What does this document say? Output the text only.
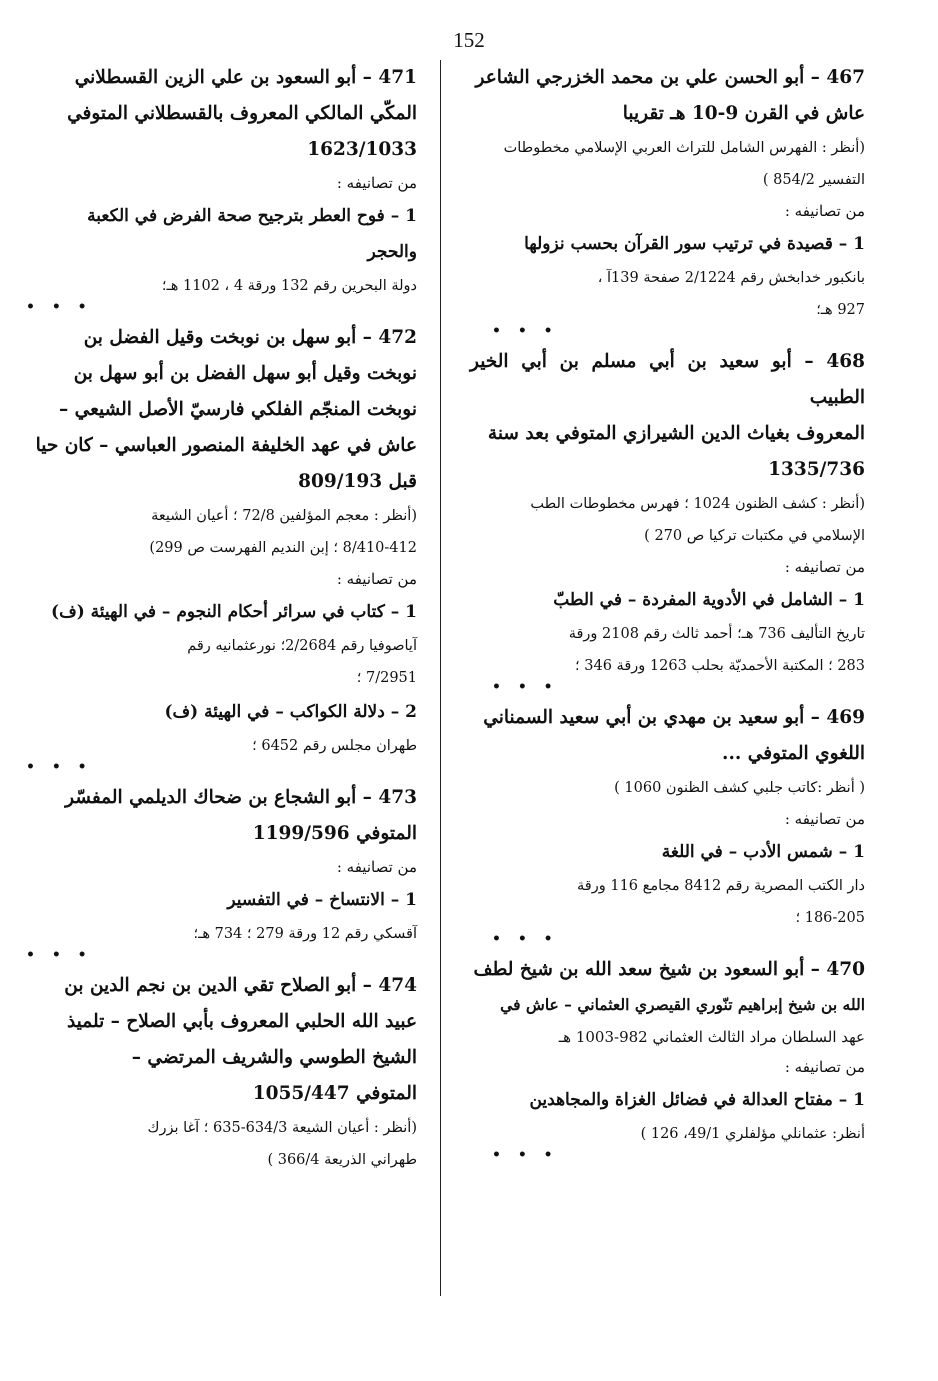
152

467 – أبو الحسن علي بن محمد الخزرجي الشاعر

عاش في القرن 9-10 هـ تقريبا

(أنظر : الفهرس الشامل للتراث العربي الإسلامي مخطوطات

التفسير 854/2 )

من تصانيفه :

1 – قصيدة في ترتيب سور القرآن بحسب نزولها

بانكبور خدابخش رقم 2/1224 صفحة 139آ ،

927 هـ؛

• • •

468 – أبو سعيد بن أبي مسلم بن أبي الخير الطبيب

المعروف بغياث الدين الشيرازي المتوفي بعد سنة

1335/736

(أنظر : كشف الظنون 1024 ؛ فهرس مخطوطات الطب

الإسلامي في مكتبات تركيا ص 270 )

من تصانيفه :

1 – الشامل في الأدوية المفردة – في الطبّ

تاريخ التأليف 736 هـ؛ أحمد ثالث رقم 2108 ورقة

283 ؛ المكتبة الأحمديّة بحلب 1263 ورقة 346 ؛

• • •

469 – أبو سعيد بن مهدي بن أبي سعيد السمناني

اللغوي المتوفي ...

( أنظر :كاتب جلبي كشف الظنون 1060 )

من تصانيفه :

1 – شمس الأدب – في اللغة

دار الكتب المصرية رقم 8412 مجامع 116 ورقة

186-205 ؛

• • •

470 – أبو السعود بن شيخ سعد الله بن شيخ لطف

الله بن شيخ إبراهيم تنّوري القيصري العثماني – عاش في

عهد السلطان مراد الثالث العثماني 982-1003 هـ

من تصانيفه :

1 – مفتاح العدالة في فضائل الغزاة والمجاهدين

أنظر: عثمانلي مؤلفلري 49/1، 126 )

• • •

471 – أبو السعود بن علي الزين القسطلاني

المكّي المالكي المعروف بالقسطلاني المتوفي

1623/1033

من تصانيفه :

1 – فوح العطر بترجيح صحة الفرض في الكعبة

والحجر

دولة البحرين رقم 132 ورقة 4 ، 1102 هـ؛

• • •

472 – أبو سهل بن نوبخت وقيل الفضل بن

نوبخت وقيل أبو سهل الفضل بن أبو سهل بن

نوبخت المنجّم الفلكي فارسيّ الأصل الشيعي –

عاش في عهد الخليفة المنصور العباسي – كان حيا

قبل 809/193

(أنظر : معجم المؤلفين 72/8 ؛ أعيان الشيعة

8/410-412 ؛ إبن النديم الفهرست ص 299)

من تصانيفه :

1 – كتاب في سرائر أحكام النجوم – في الهيئة (ف)

آياصوفيا رقم 2/2684؛ نورعثمانيه رقم

7/2951 ؛

2 – دلالة الكواكب – في الهيئة (ف)

طهران مجلس رقم 6452 ؛

• • •

473 – أبو الشجاع بن ضحاك الديلمي المفسّر

المتوفي 1199/596

من تصانيفه :

1 – الانتساخ – في التفسير

آقسكي رقم 12 ورقة 279 ؛ 734 هـ؛

• • •

474 – أبو الصلاح تقي الدين بن نجم الدين بن

عبيد الله الحلبي المعروف بأبي الصلاح – تلميذ

الشيخ الطوسي والشريف المرتضي –

المتوفي 1055/447

(أنظر : أعيان الشيعة 634/3-635 ؛ آغا بزرك

طهراني الذريعة 366/4 )
